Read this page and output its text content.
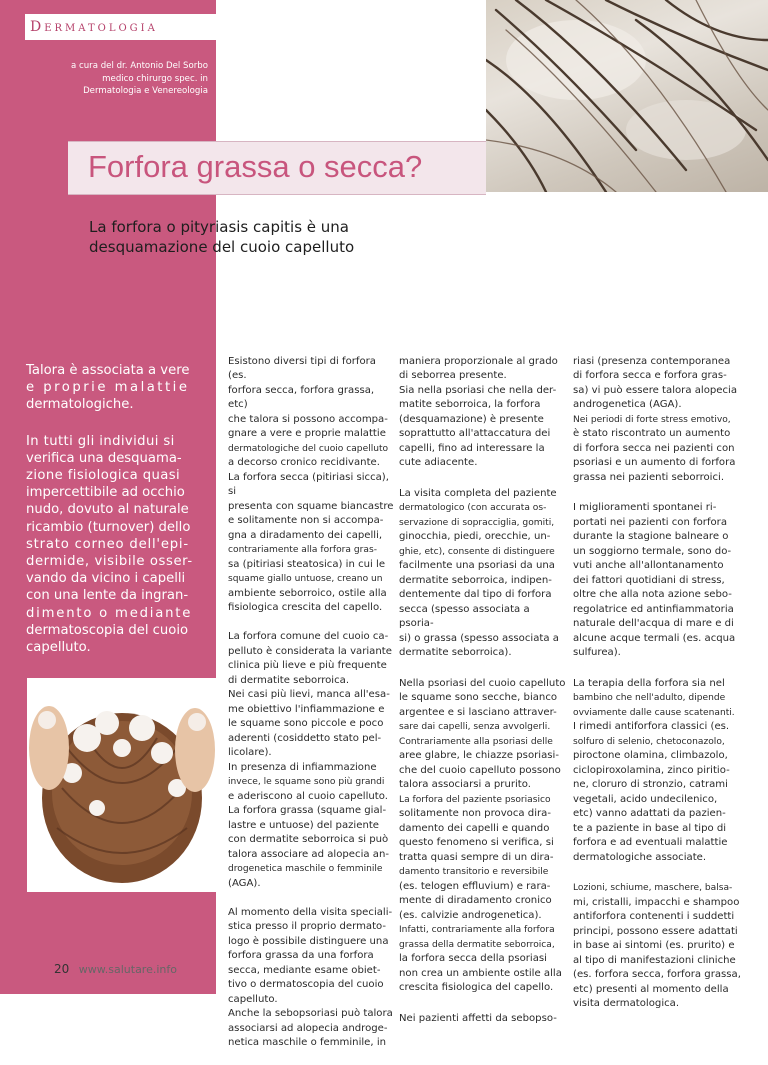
Dermatologia
a cura del dr. Antonio Del Sorbo
medico chirurgo spec. in
Dermatologia e Venereologia
Forfora grassa o secca?
La forfora o pityriasis capitis è una
desquamazione del cuoio capelluto

Talora è associata a vere
e proprie malattie
dermatologiche.

In tutti gli individui si
verifica una desquama-
zione fisiologica quasi
impercettibile ad occhio
nudo, dovuto al naturale
ricambio (turnover) dello
strato corneo dell'epi-
dermide, visibile osser-
vando da vicino i capelli
con una lente da ingran-
dimento o mediante
dermatoscopia del cuoio
capelluto.

20 www.salutare.info

Esistono diversi tipi di forfora (es.
forfora secca, forfora grassa, etc)
che talora si possono accompa-
gnare a vere e proprie malattie
dermatologiche del cuoio capelluto
a decorso cronico recidivante.
La forfora secca (pitiriasi sicca), si
presenta con squame biancastre
e solitamente non si accompa-
gna a diradamento dei capelli,
contrariamente alla forfora gras-
sa (pitiriasi steatosica) in cui le
squame giallo untuose, creano un
ambiente seborroico, ostile alla
fisiologica crescita del capello.

La forfora comune del cuoio ca-
pelluto è considerata la variante
clinica più lieve e più frequente
di dermatite seborroica.
Nei casi più lievi, manca all'esa-
me obiettivo l'infiammazione e
le squame sono piccole e poco
aderenti (cosiddetto stato pel-
licolare).
In presenza di infiammazione
invece, le squame sono più grandi
e aderiscono al cuoio capelluto.
La forfora grassa (squame gial-
lastre e untuose) del paziente
con dermatite seborroica si può
talora associare ad alopecia an-
drogenetica maschile o femminile
(AGA).

Al momento della visita speciali-
stica presso il proprio dermato-
logo è possibile distinguere una
forfora grassa da una forfora
secca, mediante esame obiet-
tivo o dermatoscopia del cuoio
capelluto.
Anche la sebopsoriasi può talora
associarsi ad alopecia androge-
netica maschile o femminile, in

maniera proporzionale al grado
di seborrea presente.
Sia nella psoriasi che nella der-
matite seborroica, la forfora
(desquamazione) è presente
soprattutto all'attaccatura dei
capelli, fino ad interessare la
cute adiacente.

La visita completa del paziente
dermatologico (con accurata os-
servazione di sopracciglia, gomiti,
ginocchia, piedi, orecchie, un-
ghie, etc), consente di distinguere
facilmente una psoriasi da una
dermatite seborroica, indipen-
dentemente dal tipo di forfora
secca (spesso associata a psoria-
si) o grassa (spesso associata a
dermatite seborroica).

Nella psoriasi del cuoio capelluto
le squame sono secche, bianco
argentee e si lasciano attraver-
sare dai capelli, senza avvolgerli.
Contrariamente alla psoriasi delle
aree glabre, le chiazze psoriasi-
che del cuoio capelluto possono
talora associarsi a prurito.
La forfora del paziente psoriasico
solitamente non provoca dira-
damento dei capelli e quando
questo fenomeno si verifica, si
tratta quasi sempre di un dira-
damento transitorio e reversibile
(es. telogen effluvium) e rara-
mente di diradamento cronico
(es. calvizie androgenetica).
Infatti, contrariamente alla forfora
grassa della dermatite seborroica,
la forfora secca della psoriasi
non crea un ambiente ostile alla
crescita fisiologica del capello.

Nei pazienti affetti da sebopso-

riasi (presenza contemporanea
di forfora secca e forfora gras-
sa) vi può essere talora alopecia
androgenetica (AGA).
Nei periodi di forte stress emotivo,
è stato riscontrato un aumento
di forfora secca nei pazienti con
psoriasi e un aumento di forfora
grassa nei pazienti seborroici.

I miglioramenti spontanei ri-
portati nei pazienti con forfora
durante la stagione balneare o
un soggiorno termale, sono do-
vuti anche all'allontanamento
dei fattori quotidiani di stress,
oltre che alla nota azione sebo-
regolatrice ed antinfiammatoria
naturale dell'acqua di mare e di
alcune acque termali (es. acqua
sulfurea).

La terapia della forfora sia nel
bambino che nell'adulto, dipende
ovviamente dalle cause scatenanti.
I rimedi antiforfora classici (es.
solfuro di selenio, chetoconazolo,
piroctone olamina, climbazolo,
ciclopiroxolamina, zinco piritio-
ne, cloruro di stronzio, catrami
vegetali, acido undecilenico,
etc) vanno adattati da pazien-
te a paziente in base al tipo di
forfora e ad eventuali malattie
dermatologiche associate.

Lozioni, schiume, maschere, balsa-
mi, cristalli, impacchi e shampoo
antiforfora contenenti i suddetti
principi, possono essere adattati
in base ai sintomi (es. prurito) e
al tipo di manifestazioni cliniche
(es. forfora secca, forfora grassa,
etc) presenti al momento della
visita dermatologica.
